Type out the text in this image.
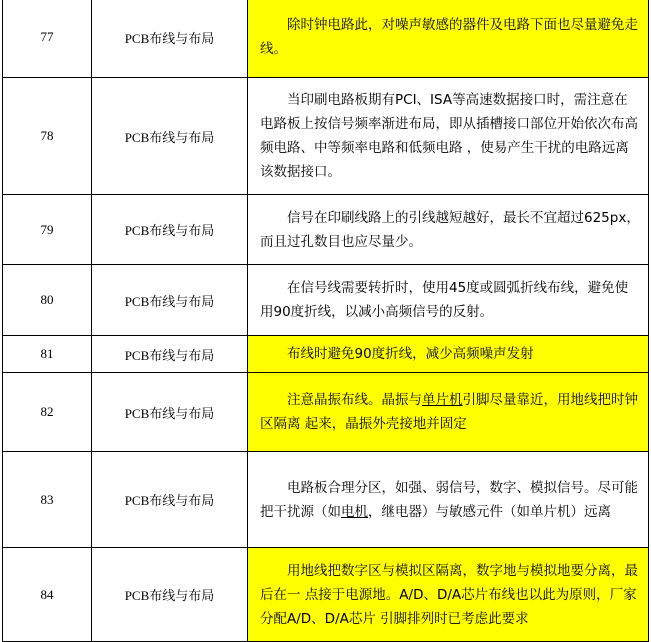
77	PCB布线与布局	　　除时钟电路此，对噪声敏感的器件及电路下面也尽量避免走线。
78	PCB布线与布局	　　当印刷电路板期有PCI、ISA等高速数据接口时，需注意在电路板上按信号频率渐进布局，即从插槽接口部位开始依次布高频电路、中等频率电路和低频电路 ，使易产生干扰的电路远离该数据接口。
79	PCB布线与布局	　　信号在印刷线路上的引线越短越好，最长不宜超过625px，而且过孔数目也应尽量少。
80	PCB布线与布局	　　在信号线需要转折时，使用45度或圆弧折线布线，避免使用90度折线，以减小高频信号的反射。
81	PCB布线与布局	　　布线时避免90度折线，减少高频噪声发射
82	PCB布线与布局	　　注意晶振布线。晶振与单片机引脚尽量靠近，用地线把时钟区隔离 起来，晶振外壳接地并固定
83	PCB布线与布局	　　电路板合理分区，如强、弱信号，数字、模拟信号。尽可能把干扰源（如电机，继电器）与敏感元件（如单片机）远离
84	PCB布线与布局	　　用地线把数字区与模拟区隔离，数字地与模拟地要分离，最后在一 点接于电源地。A/D、D/A芯片布线也以此为原则，厂家分配A/D、D/A芯片 引脚排列时已考虑此要求
